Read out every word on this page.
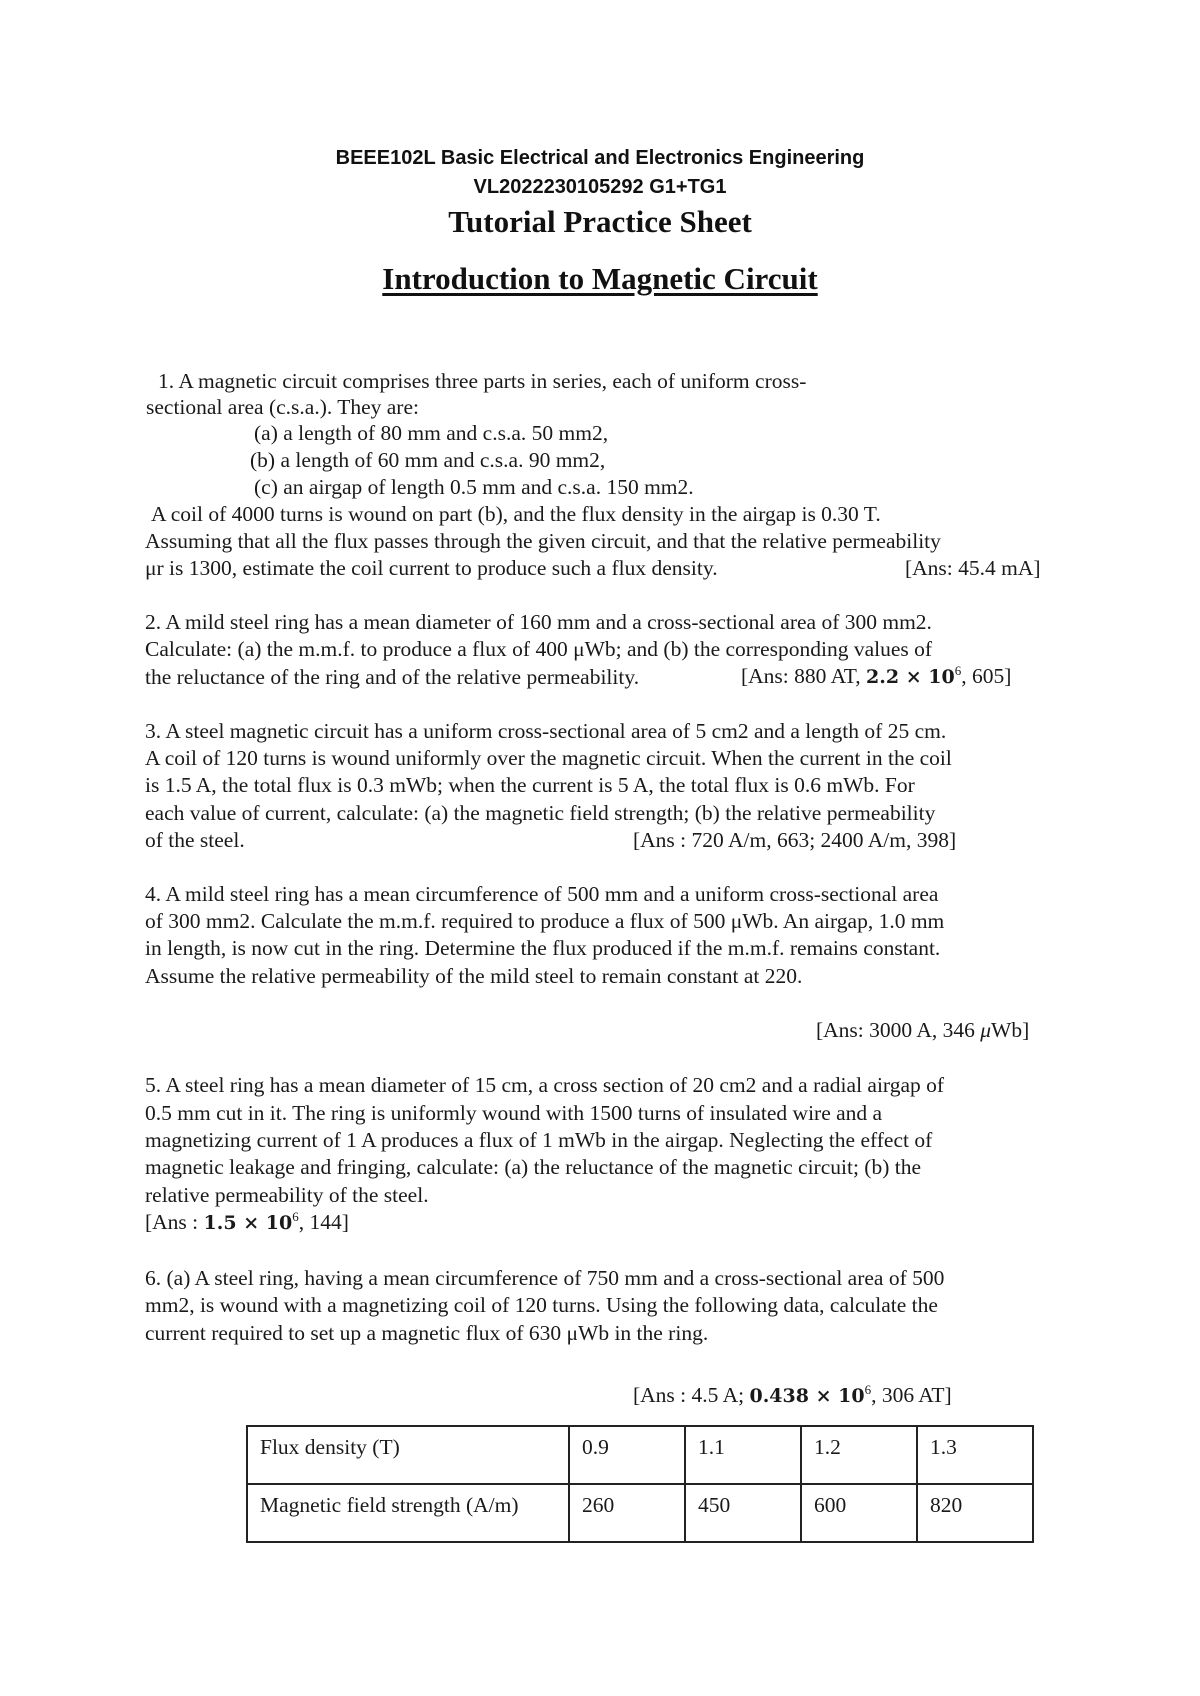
BEEE102L Basic Electrical and Electronics Engineering
VL2022230105292 G1+TG1
Tutorial Practice Sheet
Introduction to Magnetic Circuit
1. A magnetic circuit comprises three parts in series, each of uniform cross-
sectional area (c.s.a.). They are:
(a) a length of 80 mm and c.s.a. 50 mm2,
(b) a length of 60 mm and c.s.a. 90 mm2,
(c) an airgap of length 0.5 mm and c.s.a. 150 mm2.
A coil of 4000 turns is wound on part (b), and the flux density in the airgap is 0.30 T.
Assuming that all the flux passes through the given circuit, and that the relative permeability
μr is 1300, estimate the coil current to produce such a flux density.	[Ans: 45.4 mA]
2. A mild steel ring has a mean diameter of 160 mm and a cross-sectional area of 300 mm2.
Calculate: (a) the m.m.f. to produce a flux of 400 μWb; and (b) the corresponding values of
the reluctance of the ring and of the relative permeability.	[Ans: 880 AT, $2.2 \times 10^6$, 605]
3. A steel magnetic circuit has a uniform cross-sectional area of 5 cm2 and a length of 25 cm.
A coil of 120 turns is wound uniformly over the magnetic circuit. When the current in the coil
is 1.5 A, the total flux is 0.3 mWb; when the current is 5 A, the total flux is 0.6 mWb. For
each value of current, calculate: (a) the magnetic field strength; (b) the relative permeability
of the steel.	[Ans : 720 A/m, 663; 2400 A/m, 398]
4. A mild steel ring has a mean circumference of 500 mm and a uniform cross-sectional area
of 300 mm2. Calculate the m.m.f. required to produce a flux of 500 μWb. An airgap, 1.0 mm
in length, is now cut in the ring. Determine the flux produced if the m.m.f. remains constant.
Assume the relative permeability of the mild steel to remain constant at 220.
[Ans: 3000 A, 346 μWb]
5. A steel ring has a mean diameter of 15 cm, a cross section of 20 cm2 and a radial airgap of
0.5 mm cut in it. The ring is uniformly wound with 1500 turns of insulated wire and a
magnetizing current of 1 A produces a flux of 1 mWb in the airgap. Neglecting the effect of
magnetic leakage and fringing, calculate: (a) the reluctance of the magnetic circuit; (b) the
relative permeability of the steel.
[Ans : $1.5 \times 10^6$, 144]
6. (a) A steel ring, having a mean circumference of 750 mm and a cross-sectional area of 500
mm2, is wound with a magnetizing coil of 120 turns. Using the following data, calculate the
current required to set up a magnetic flux of 630 μWb in the ring.
[Ans : 4.5 A; $0.438 \times 10^6$, 306 AT]
Flux density (T)	0.9	1.1	1.2	1.3
Magnetic field strength (A/m)	260	450	600	820
